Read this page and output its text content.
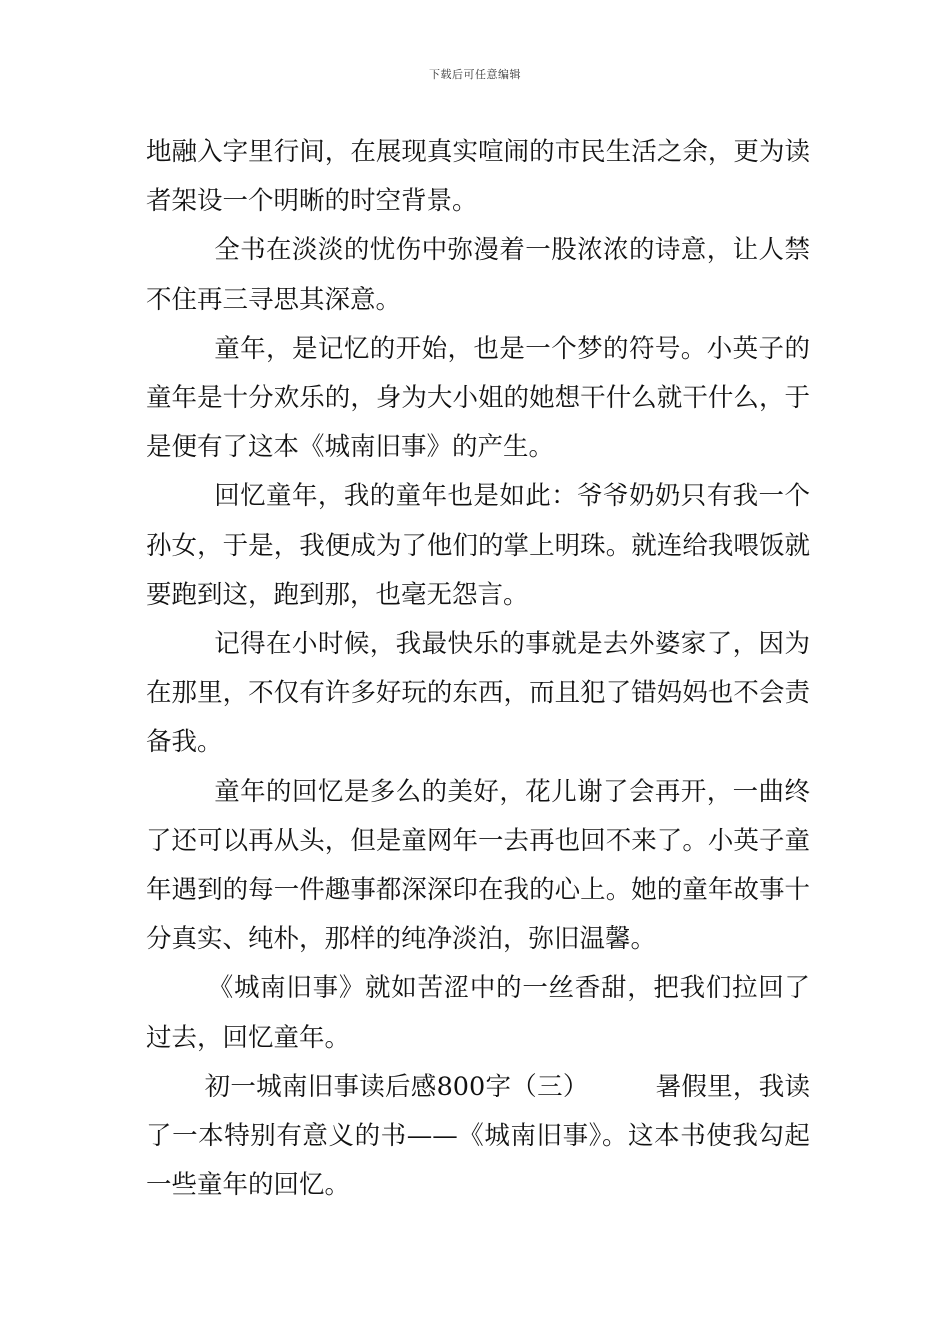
下载后可任意编辑

地融入字里行间，在展现真实喧闹的市民生活之余，更为读者架设一个明晰的时空背景。

全书在淡淡的忧伤中弥漫着一股浓浓的诗意，让人禁不住再三寻思其深意。

童年，是记忆的开始，也是一个梦的符号。小英子的童年是十分欢乐的，身为大小姐的她想干什么就干什么，于是便有了这本《城南旧事》的产生。

回忆童年，我的童年也是如此：爷爷奶奶只有我一个孙女，于是，我便成为了他们的掌上明珠。就连给我喂饭就要跑到这，跑到那，也毫无怨言。

记得在小时候，我最快乐的事就是去外婆家了，因为在那里，不仅有许多好玩的东西，而且犯了错妈妈也不会责备我。

童年的回忆是多么的美好，花儿谢了会再开，一曲终了还可以再从头，但是童网年一去再也回不来了。小英子童年遇到的每一件趣事都深深印在我的心上。她的童年故事十分真实、纯朴，那样的纯净淡泊，弥旧温馨。

《城南旧事》就如苦涩中的一丝香甜，把我们拉回了过去，回忆童年。

初一城南旧事读后感800字（三）        暑假里，我读了一本特别有意义的书——《城南旧事》。这本书使我勾起一些童年的回忆。
